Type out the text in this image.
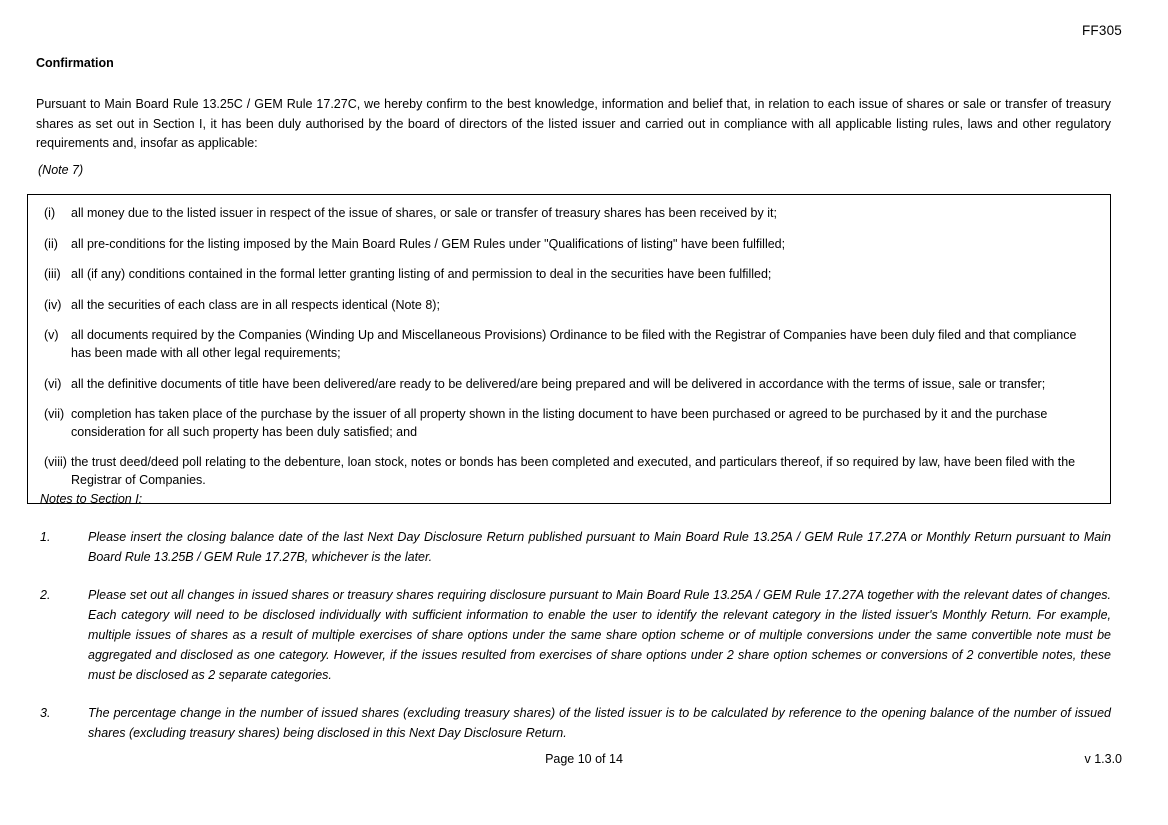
FF305
Confirmation
Pursuant to Main Board Rule 13.25C / GEM Rule 17.27C, we hereby confirm to the best knowledge, information and belief that, in relation to each issue of shares or sale or transfer of treasury shares as set out in Section I, it has been duly authorised by the board of directors of the listed issuer and carried out in compliance with all applicable listing rules, laws and other regulatory requirements and, insofar as applicable:
(Note 7)
(i)	all money due to the listed issuer in respect of the issue of shares, or sale or transfer of treasury shares has been received by it;
(ii)	all pre-conditions for the listing imposed by the Main Board Rules / GEM Rules under "Qualifications of listing" have been fulfilled;
(iii) all (if any) conditions contained in the formal letter granting listing of and permission to deal in the securities have been fulfilled;
(iv) all the securities of each class are in all respects identical (Note 8);
(v) all documents required by the Companies (Winding Up and Miscellaneous Provisions) Ordinance to be filed with the Registrar of Companies have been duly filed and that compliance has been made with all other legal requirements;
(vi) all the definitive documents of title have been delivered/are ready to be delivered/are being prepared and will be delivered in accordance with the terms of issue, sale or transfer;
(vii) completion has taken place of the purchase by the issuer of all property shown in the listing document to have been purchased or agreed to be purchased by it and the purchase consideration for all such property has been duly satisfied; and
(viii) the trust deed/deed poll relating to the debenture, loan stock, notes or bonds has been completed and executed, and particulars thereof, if so required by law, have been filed with the Registrar of Companies.
Notes to Section I:
1.	Please insert the closing balance date of the last Next Day Disclosure Return published pursuant to Main Board Rule 13.25A / GEM Rule 17.27A or Monthly Return pursuant to Main Board Rule 13.25B / GEM Rule 17.27B, whichever is the later.
2.	Please set out all changes in issued shares or treasury shares requiring disclosure pursuant to Main Board Rule 13.25A / GEM Rule 17.27A together with the relevant dates of changes. Each category will need to be disclosed individually with sufficient information to enable the user to identify the relevant category in the listed issuer's Monthly Return. For example, multiple issues of shares as a result of multiple exercises of share options under the same share option scheme or of multiple conversions under the same convertible note must be aggregated and disclosed as one category. However, if the issues resulted from exercises of share options under 2 share option schemes or conversions of 2 convertible notes, these must be disclosed as 2 separate categories.
3.	The percentage change in the number of issued shares (excluding treasury shares) of the listed issuer is to be calculated by reference to the opening balance of the number of issued shares (excluding treasury shares) being disclosed in this Next Day Disclosure Return.
Page 10 of 14	v 1.3.0
